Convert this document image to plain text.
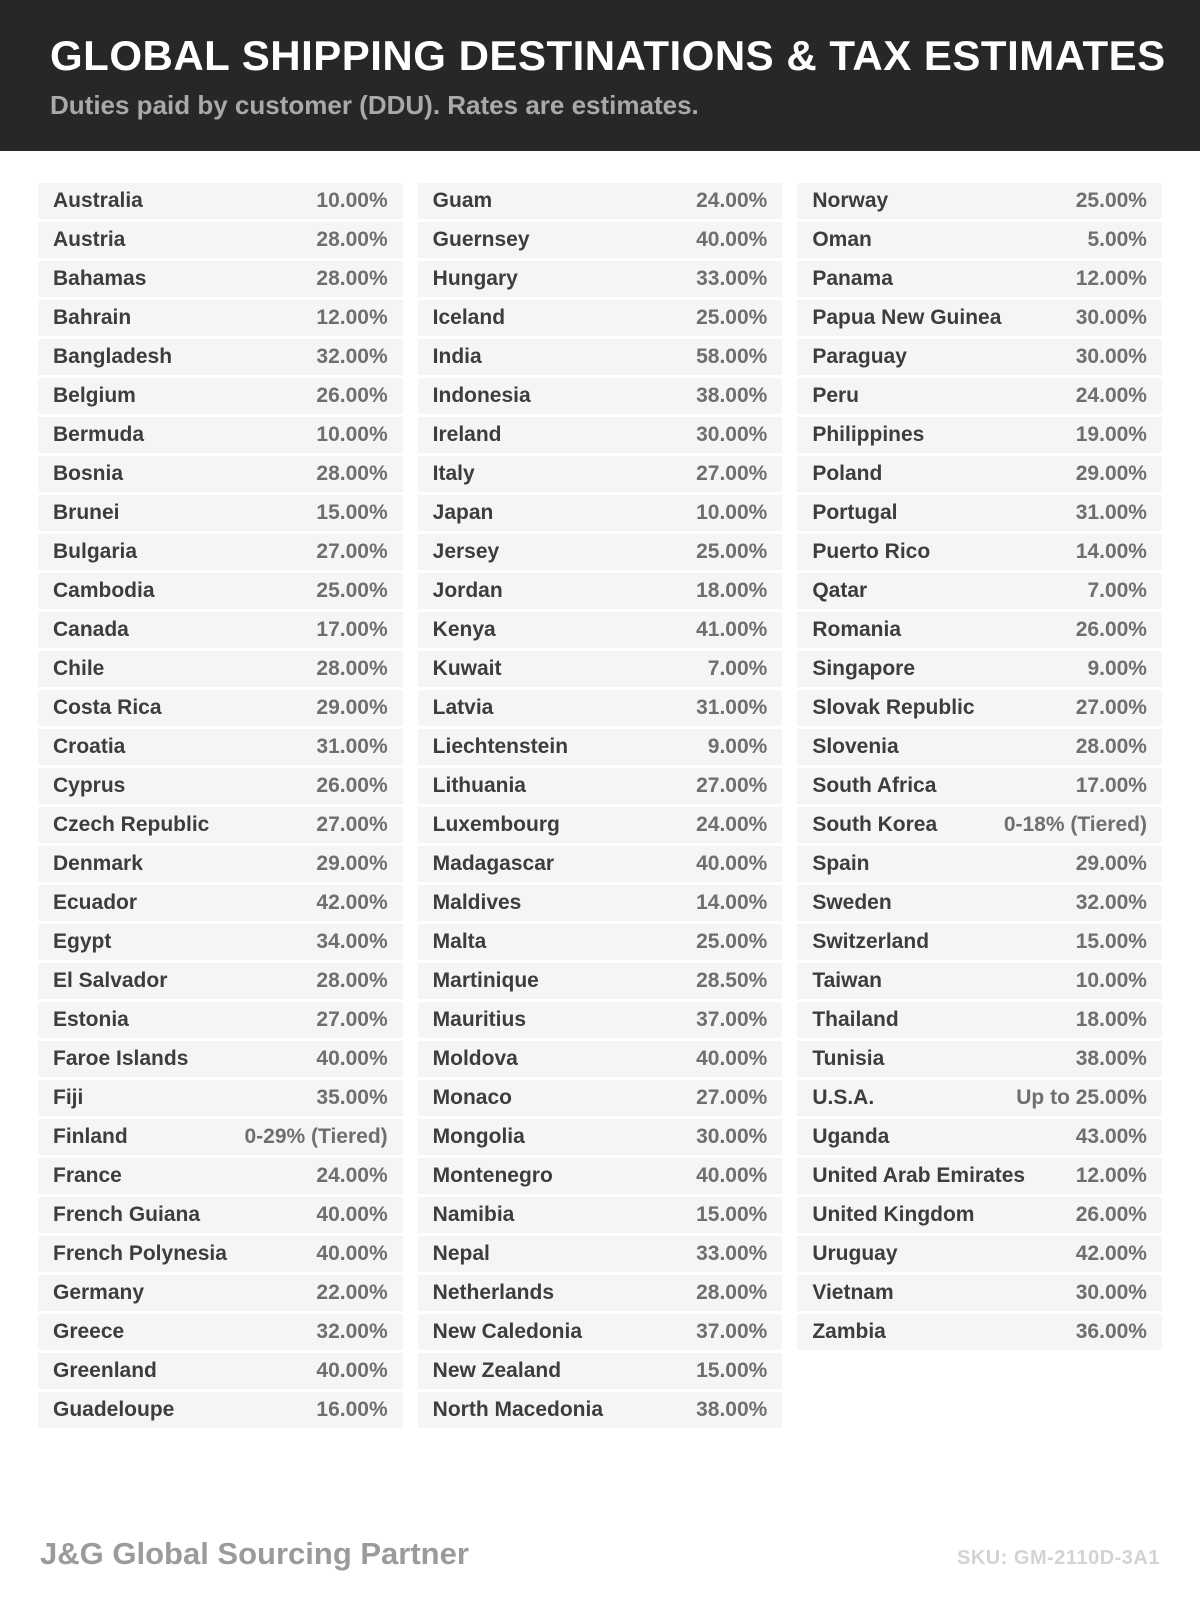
GLOBAL SHIPPING DESTINATIONS & TAX ESTIMATES

Duties paid by customer (DDU). Rates are estimates.

Australia	10.00%
Austria	28.00%
Bahamas	28.00%
Bahrain	12.00%
Bangladesh	32.00%
Belgium	26.00%
Bermuda	10.00%
Bosnia	28.00%
Brunei	15.00%
Bulgaria	27.00%
Cambodia	25.00%
Canada	17.00%
Chile	28.00%
Costa Rica	29.00%
Croatia	31.00%
Cyprus	26.00%
Czech Republic	27.00%
Denmark	29.00%
Ecuador	42.00%
Egypt	34.00%
El Salvador	28.00%
Estonia	27.00%
Faroe Islands	40.00%
Fiji	35.00%
Finland	0-29% (Tiered)
France	24.00%
French Guiana	40.00%
French Polynesia	40.00%
Germany	22.00%
Greece	32.00%
Greenland	40.00%
Guadeloupe	16.00%
Guam	24.00%
Guernsey	40.00%
Hungary	33.00%
Iceland	25.00%
India	58.00%
Indonesia	38.00%
Ireland	30.00%
Italy	27.00%
Japan	10.00%
Jersey	25.00%
Jordan	18.00%
Kenya	41.00%
Kuwait	7.00%
Latvia	31.00%
Liechtenstein	9.00%
Lithuania	27.00%
Luxembourg	24.00%
Madagascar	40.00%
Maldives	14.00%
Malta	25.00%
Martinique	28.50%
Mauritius	37.00%
Moldova	40.00%
Monaco	27.00%
Mongolia	30.00%
Montenegro	40.00%
Namibia	15.00%
Nepal	33.00%
Netherlands	28.00%
New Caledonia	37.00%
New Zealand	15.00%
North Macedonia	38.00%
Norway	25.00%
Oman	5.00%
Panama	12.00%
Papua New Guinea	30.00%
Paraguay	30.00%
Peru	24.00%
Philippines	19.00%
Poland	29.00%
Portugal	31.00%
Puerto Rico	14.00%
Qatar	7.00%
Romania	26.00%
Singapore	9.00%
Slovak Republic	27.00%
Slovenia	28.00%
South Africa	17.00%
South Korea	0-18% (Tiered)
Spain	29.00%
Sweden	32.00%
Switzerland	15.00%
Taiwan	10.00%
Thailand	18.00%
Tunisia	38.00%
U.S.A.	Up to 25.00%
Uganda	43.00%
United Arab Emirates 12.00%
United Kingdom	26.00%
Uruguay	42.00%
Vietnam	30.00%
Zambia	36.00%
J&G Global Sourcing Partner	SKU: GM-2110D-3A1
